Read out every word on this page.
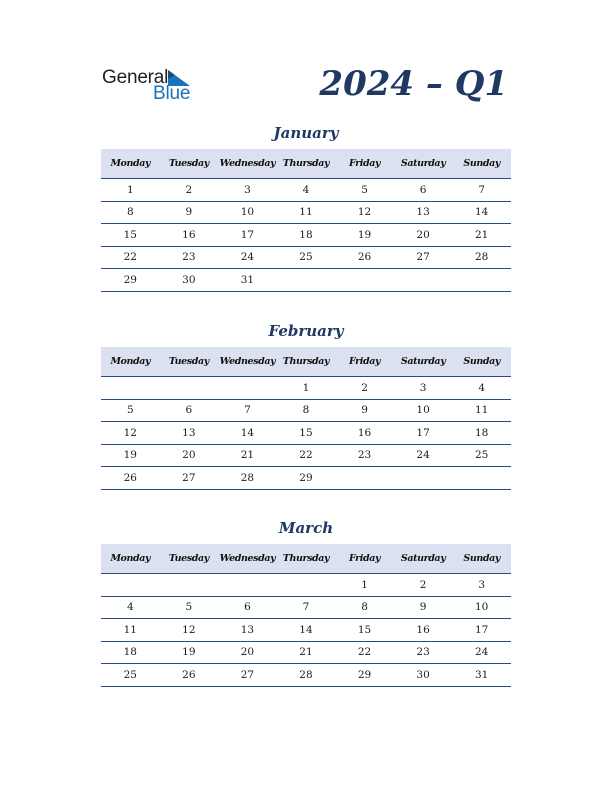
General
Blue	2024 – Q1
January
Monday	Tuesday	Wednesday	Thursday	Friday	Saturday	Sunday
1	2	3	4	5	6	7
8	9	10	11	12	13	14
15	16	17	18	19	20	21
22	23	24	25	26	27	28
29	30	31				
February
Monday	Tuesday	Wednesday	Thursday	Friday	Saturday	Sunday
			1	2	3	4
5	6	7	8	9	10	11
12	13	14	15	16	17	18
19	20	21	22	23	24	25
26	27	28	29			
March
Monday	Tuesday	Wednesday	Thursday	Friday	Saturday	Sunday
				1	2	3
4	5	6	7	8	9	10
11	12	13	14	15	16	17
18	19	20	21	22	23	24
25	26	27	28	29	30	31
